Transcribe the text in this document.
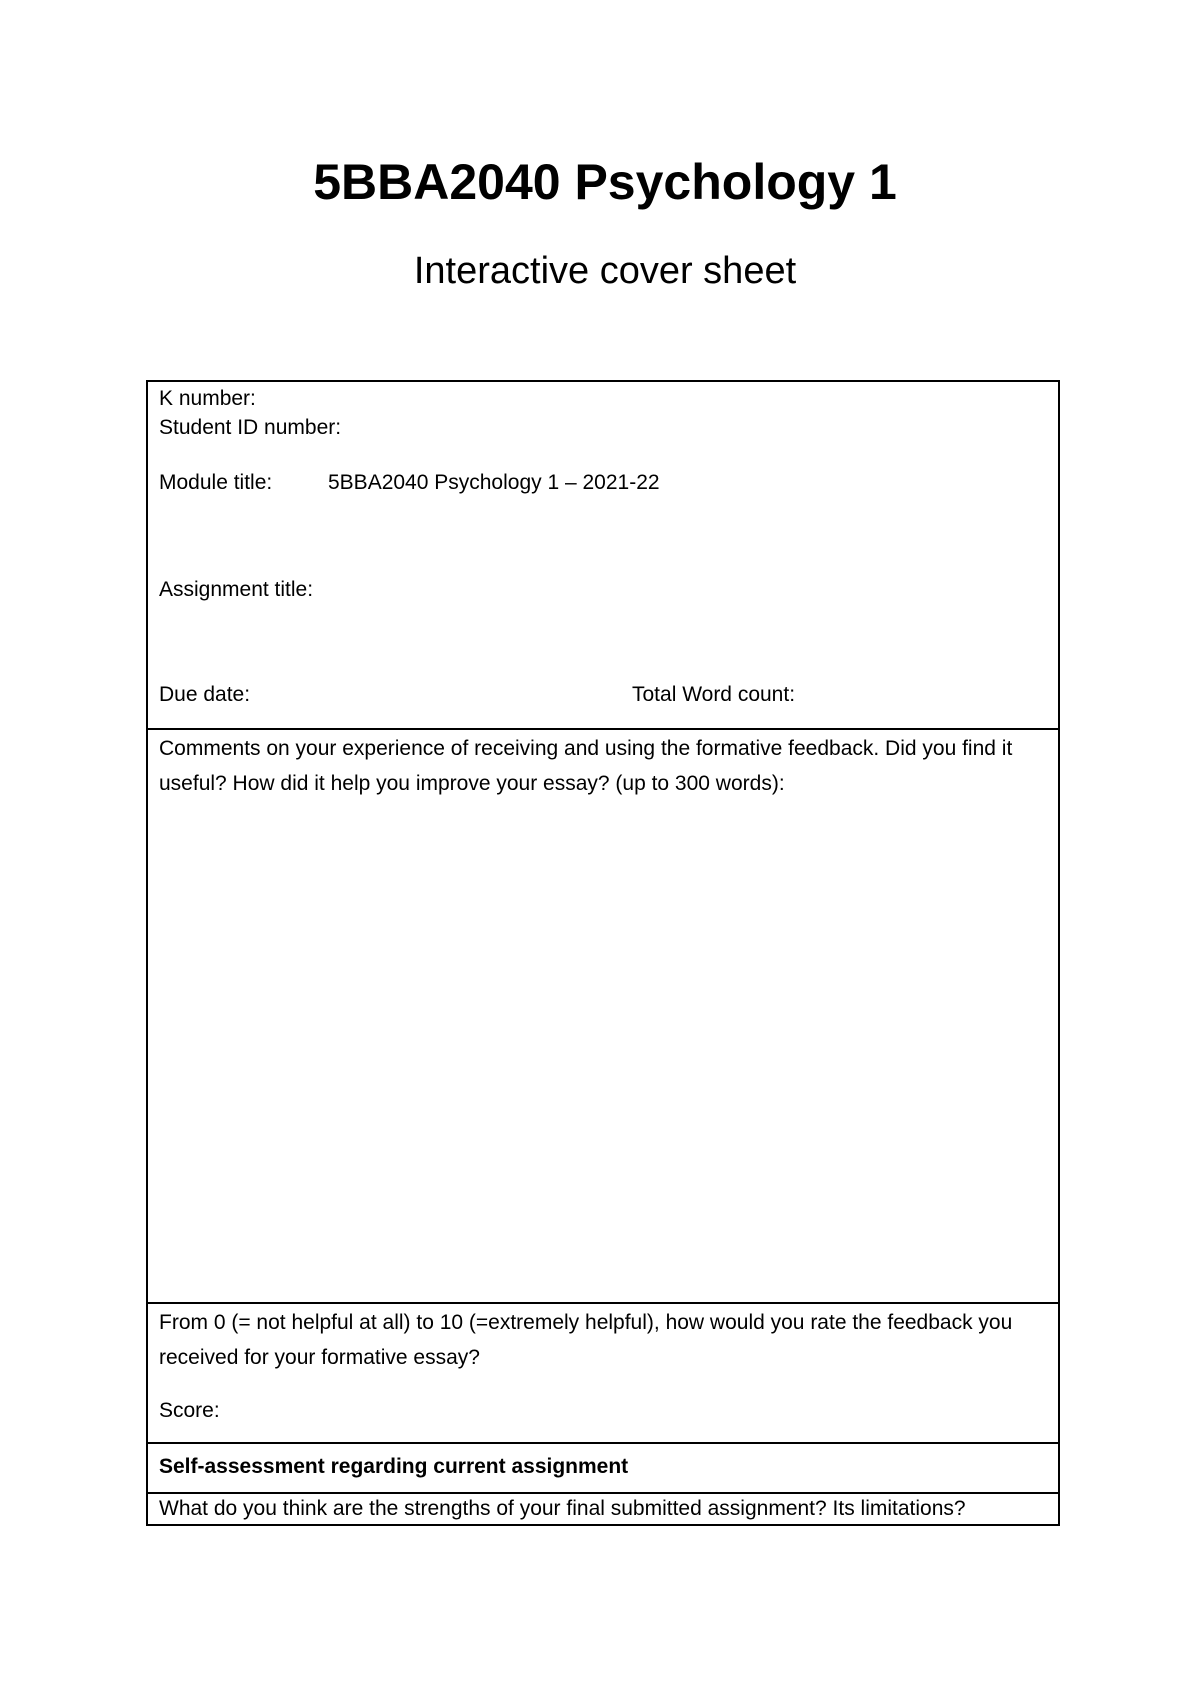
5BBA2040 Psychology 1
Interactive cover sheet
K number:
Student ID number:
Module title:	5BBA2040 Psychology 1 – 2021-22
Assignment title:
Due date:	Total Word count:
Comments on your experience of receiving and using the formative feedback. Did you find it useful? How did it help you improve your essay? (up to 300 words):
From 0 (= not helpful at all) to 10 (=extremely helpful), how would you rate the feedback you received for your formative essay?
Score:
Self-assessment regarding current assignment
What do you think are the strengths of your final submitted assignment? Its limitations?
